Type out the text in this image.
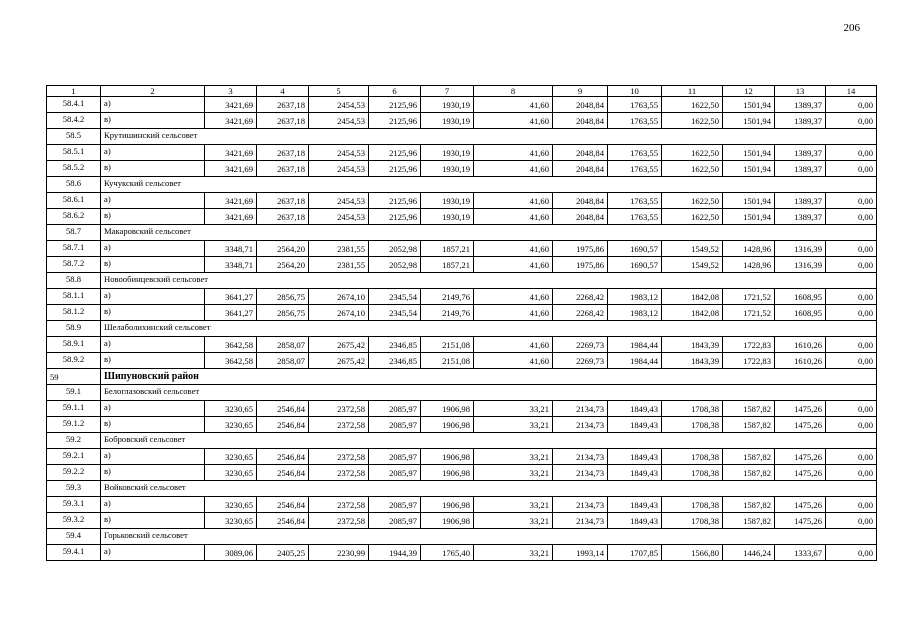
206
1	2	3	4	5	6	7	8	9	10	11	12	13	14
58.4.1	а)	3421,69	2637,18	2454,53	2125,96	1930,19	41,60	2048,84	1763,55	1622,50	1501,94	1389,37	0,00
58.4.2	в)	3421,69	2637,18	2454,53	2125,96	1930,19	41,60	2048,84	1763,55	1622,50	1501,94	1389,37	0,00
58.5	Крутишинский сельсовет												
58.5.1	а)	3421,69	2637,18	2454,53	2125,96	1930,19	41,60	2048,84	1763,55	1622,50	1501,94	1389,37	0,00
58.5.2	в)	3421,69	2637,18	2454,53	2125,96	1930,19	41,60	2048,84	1763,55	1622,50	1501,94	1389,37	0,00
58.6	Кучукский сельсовет												
58.6.1	а)	3421,69	2637,18	2454,53	2125,96	1930,19	41,60	2048,84	1763,55	1622,50	1501,94	1389,37	0,00
58.6.2	в)	3421,69	2637,18	2454,53	2125,96	1930,19	41,60	2048,84	1763,55	1622,50	1501,94	1389,37	0,00
58.7	Макаровский сельсовет												
58.7.1	а)	3348,71	2564,20	2381,55	2052,98	1857,21	41,60	1975,86	1690,57	1549,52	1428,96	1316,39	0,00
58.7.2	в)	3348,71	2564,20	2381,55	2052,98	1857,21	41,60	1975,86	1690,57	1549,52	1428,96	1316,39	0,00
58.8	Новообинцевский сельсовет												
58.1.1	а)	3641,27	2856,75	2674,10	2345,54	2149,76	41,60	2268,42	1983,12	1842,08	1721,52	1608,95	0,00
58.1.2	в)	3641,27	2856,75	2674,10	2345,54	2149,76	41,60	2268,42	1983,12	1842,08	1721,52	1608,95	0,00
58.9	Шелаболихинский сельсовет												
58.9.1	а)	3642,58	2858,07	2675,42	2346,85	2151,08	41,60	2269,73	1984,44	1843,39	1722,83	1610,26	0,00
58.9.2	в)	3642,58	2858,07	2675,42	2346,85	2151,08	41,60	2269,73	1984,44	1843,39	1722,83	1610,26	0,00
59	Шипуновский район												
59.1	Белоглазовский сельсовет												
59.1.1	а)	3230,65	2546,84	2372,58	2085,97	1906,98	33,21	2134,73	1849,43	1708,38	1587,82	1475,26	0,00
59.1.2	в)	3230,65	2546,84	2372,58	2085,97	1906,98	33,21	2134,73	1849,43	1708,38	1587,82	1475,26	0,00
59.2	Бобровский сельсовет												
59.2.1	а)	3230,65	2546,84	2372,58	2085,97	1906,98	33,21	2134,73	1849,43	1708,38	1587,82	1475,26	0,00
59.2.2	в)	3230,65	2546,84	2372,58	2085,97	1906,98	33,21	2134,73	1849,43	1708,38	1587,82	1475,26	0,00
59.3	Войковский сельсовет												
59.3.1	а)	3230,65	2546,84	2372,58	2085,97	1906,98	33,21	2134,73	1849,43	1708,38	1587,82	1475,26	0,00
59.3.2	в)	3230,65	2546,84	2372,58	2085,97	1906,98	33,21	2134,73	1849,43	1708,38	1587,82	1475,26	0,00
59.4	Горьковский сельсовет												
59.4.1	а)	3089,06	2405,25	2230,99	1944,39	1765,40	33,21	1993,14	1707,85	1566,80	1446,24	1333,67	0,00
